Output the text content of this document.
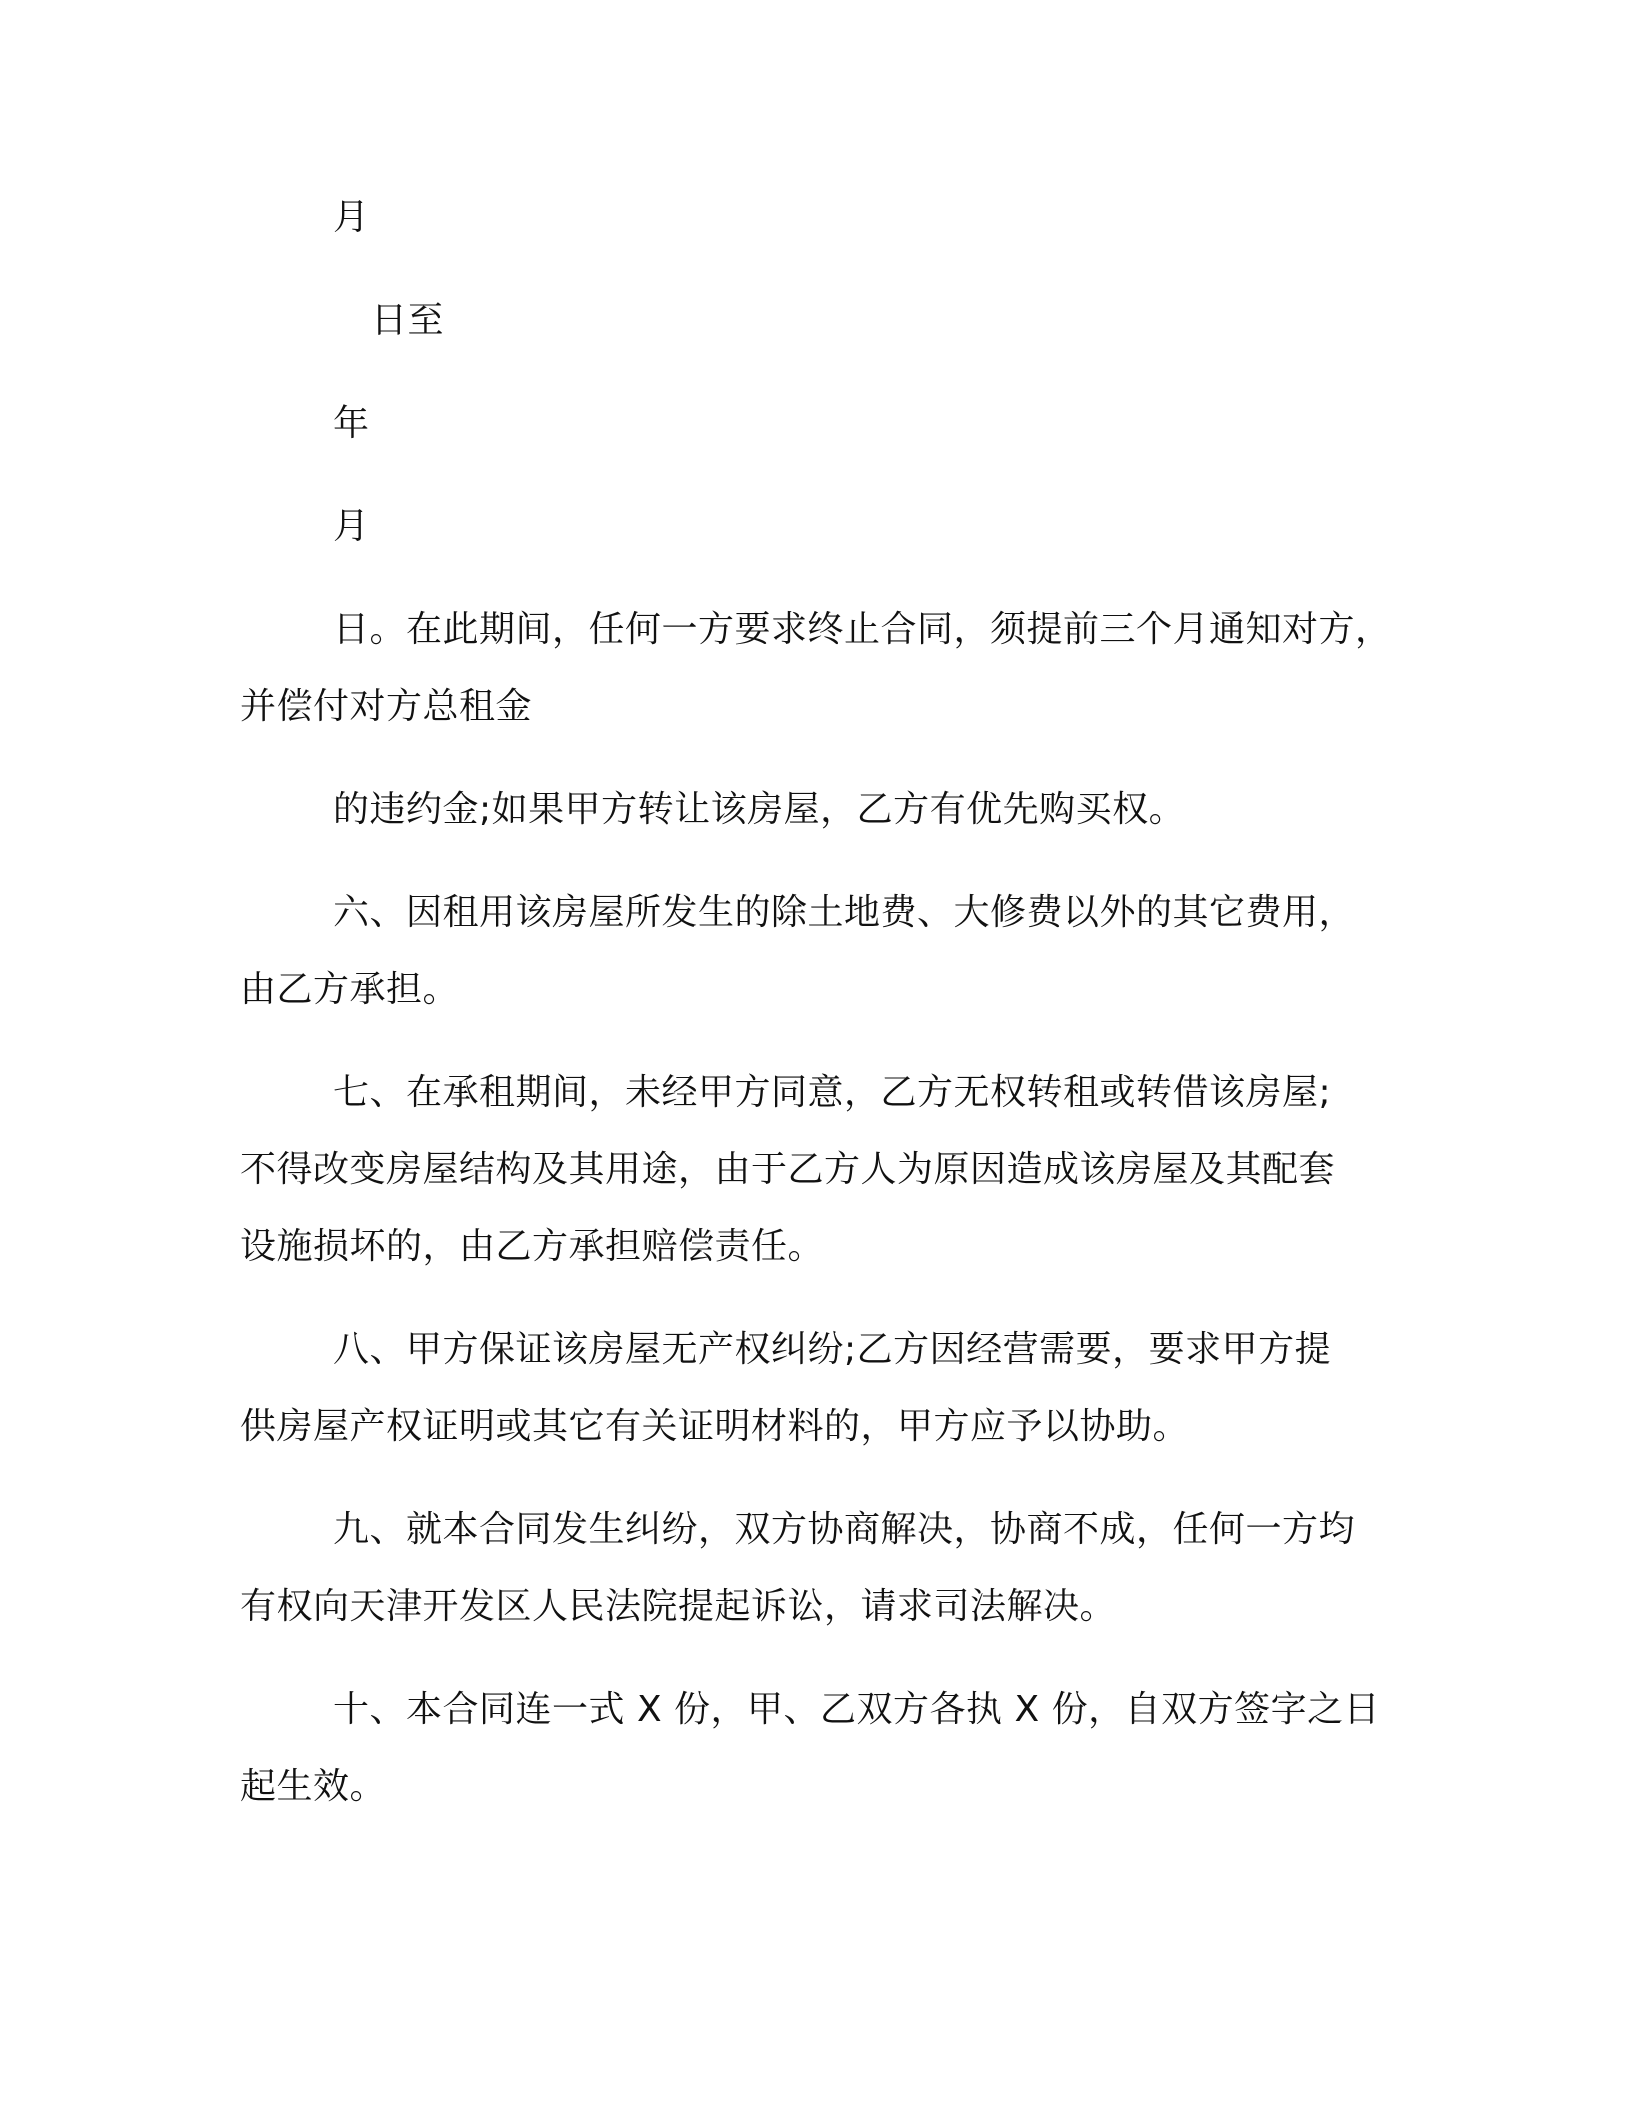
月
日至
年
月
日。在此期间，任何一方要求终止合同，须提前三个月通知对方，
并偿付对方总租金
的违约金;如果甲方转让该房屋，乙方有优先购买权。
六、因租用该房屋所发生的除土地费、大修费以外的其它费用，
由乙方承担。
七、在承租期间，未经甲方同意，乙方无权转租或转借该房屋;
不得改变房屋结构及其用途，由于乙方人为原因造成该房屋及其配套
设施损坏的，由乙方承担赔偿责任。
八、甲方保证该房屋无产权纠纷;乙方因经营需要，要求甲方提
供房屋产权证明或其它有关证明材料的，甲方应予以协助。
九、就本合同发生纠纷，双方协商解决，协商不成，任何一方均
有权向天津开发区人民法院提起诉讼，请求司法解决。
十、本合同连一式 X 份，甲、乙双方各执 X 份，自双方签字之日
起生效。
